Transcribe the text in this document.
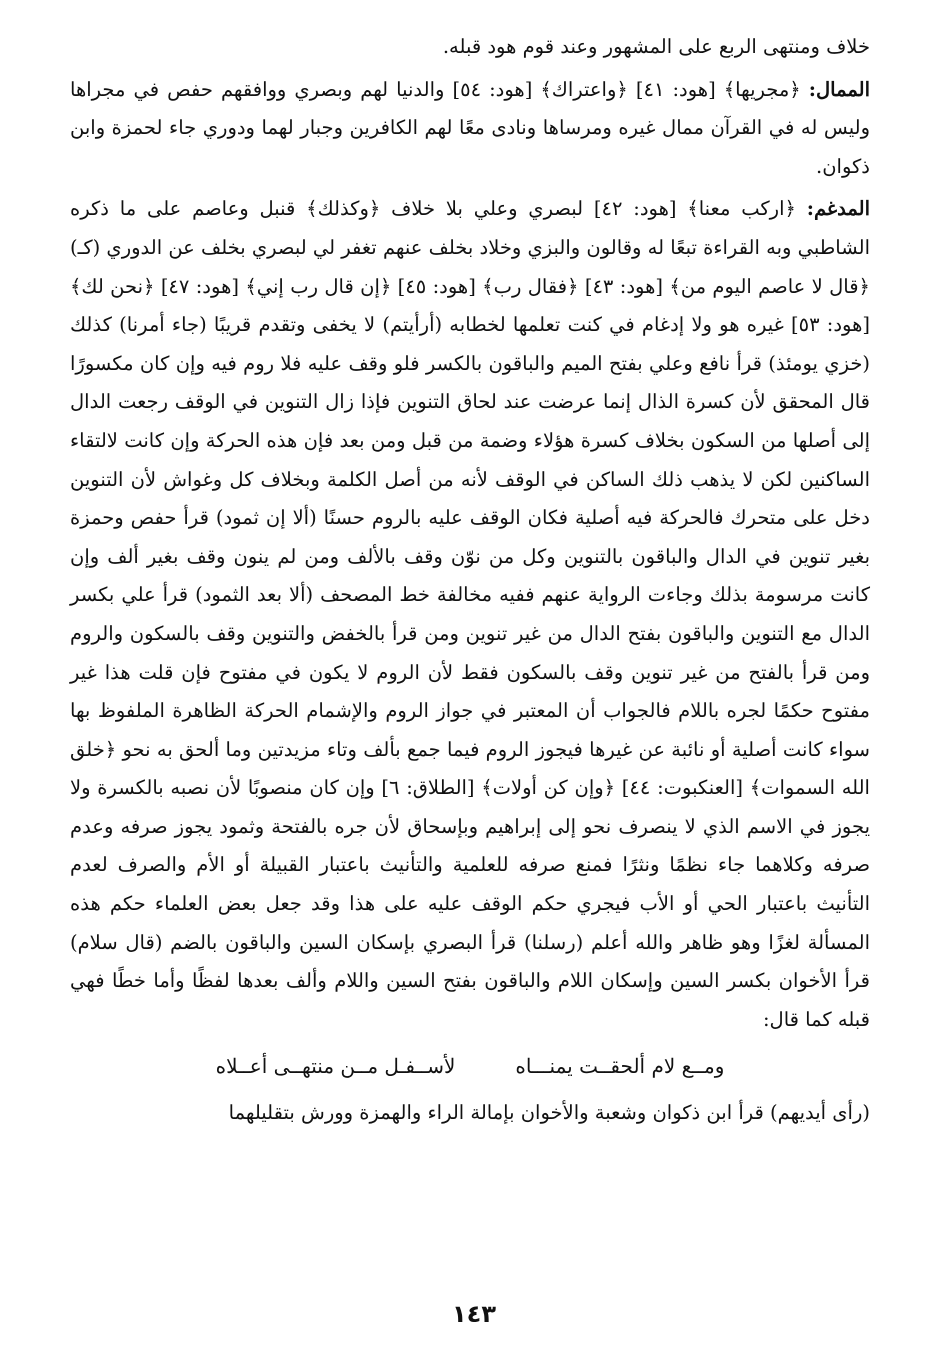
خلاف ومنتهى الربع على المشهور وعند قوم هود قبله.

الممال: ﴿مجريها﴾ [هود: ٤١] ﴿واعتراك﴾ [هود: ٥٤] والدنيا لهم وبصري ووافقهم حفص في مجراها وليس له في القرآن ممال غيره ومرساها ونادى معًا لهم الكافرين وجبار لهما ودوري جاء لحمزة وابن ذكوان.

المدغم: ﴿اركب معنا﴾ [هود: ٤٢] لبصري وعلي بلا خلاف ﴿وكذلك﴾ قنبل وعاصم على ما ذكره الشاطبي وبه القراءة تبعًا له وقالون والبزي وخلاد بخلف عنهم تغفر لي لبصري بخلف عن الدوري (كـ) ﴿قال لا عاصم اليوم من﴾ [هود: ٤٣] ﴿فقال رب﴾ [هود: ٤٥] ﴿إن قال رب إني﴾ [هود: ٤٧] ﴿نحن لك﴾ [هود: ٥٣] غيره هو ولا إدغام في كنت تعلمها لخطابه (أرأيتم) لا يخفى وتقدم قريبًا (جاء أمرنا) كذلك (خزي يومئذ) قرأ نافع وعلي بفتح الميم والباقون بالكسر فلو وقف عليه فلا روم فيه وإن كان مكسورًا قال المحقق لأن كسرة الذال إنما عرضت عند لحاق التنوين فإذا زال التنوين في الوقف رجعت الدال إلى أصلها من السكون بخلاف كسرة هؤلاء وضمة من قبل ومن بعد فإن هذه الحركة وإن كانت لالتقاء الساكنين لكن لا يذهب ذلك الساكن في الوقف لأنه من أصل الكلمة وبخلاف كل وغواش لأن التنوين دخل على متحرك فالحركة فيه أصلية فكان الوقف عليه بالروم حسنًا (ألا إن ثمود) قرأ حفص وحمزة بغير تنوين في الدال والباقون بالتنوين وكل من نوّن وقف بالألف ومن لم ينون وقف بغير ألف وإن كانت مرسومة بذلك وجاءت الرواية عنهم ففيه مخالفة خط المصحف (ألا بعد الثمود) قرأ علي بكسر الدال مع التنوين والباقون بفتح الدال من غير تنوين ومن قرأ بالخفض والتنوين وقف بالسكون والروم ومن قرأ بالفتح من غير تنوين وقف بالسكون فقط لأن الروم لا يكون في مفتوح فإن قلت هذا غير مفتوح حكمًا لجره باللام فالجواب أن المعتبر في جواز الروم والإشمام الحركة الظاهرة الملفوظ بها سواء كانت أصلية أو نائبة عن غيرها فيجوز الروم فيما جمع بألف وتاء مزيدتين وما ألحق به نحو ﴿خلق الله السموات﴾ [العنكبوت: ٤٤] ﴿وإن كن أولات﴾ [الطلاق: ٦] وإن كان منصوبًا لأن نصبه بالكسرة ولا يجوز في الاسم الذي لا ينصرف نحو إلى إبراهيم وبإسحاق لأن جره بالفتحة وثمود يجوز صرفه وعدم صرفه وكلاهما جاء نظمًا ونثرًا فمنع صرفه للعلمية والتأنيث باعتبار القبيلة أو الأم والصرف لعدم التأنيث باعتبار الحي أو الأب فيجري حكم الوقف عليه على هذا وقد جعل بعض العلماء حكم هذه المسألة لغزًا وهو ظاهر والله أعلم (رسلنا) قرأ البصري بإسكان السين والباقون بالضم (قال سلام) قرأ الأخوان بكسر السين وإسكان اللام والباقون بفتح السين واللام وألف بعدها لفظًا وأما خطًا فهي قبله كما قال:

ومــع لام ألحقــت يمنـــاه
لأســفـل مــن منتهــى أعــلاه

(رأى أيديهم) قرأ ابن ذكوان وشعبة والأخوان بإمالة الراء والهمزة وورش بتقليلهما

١٤٣
